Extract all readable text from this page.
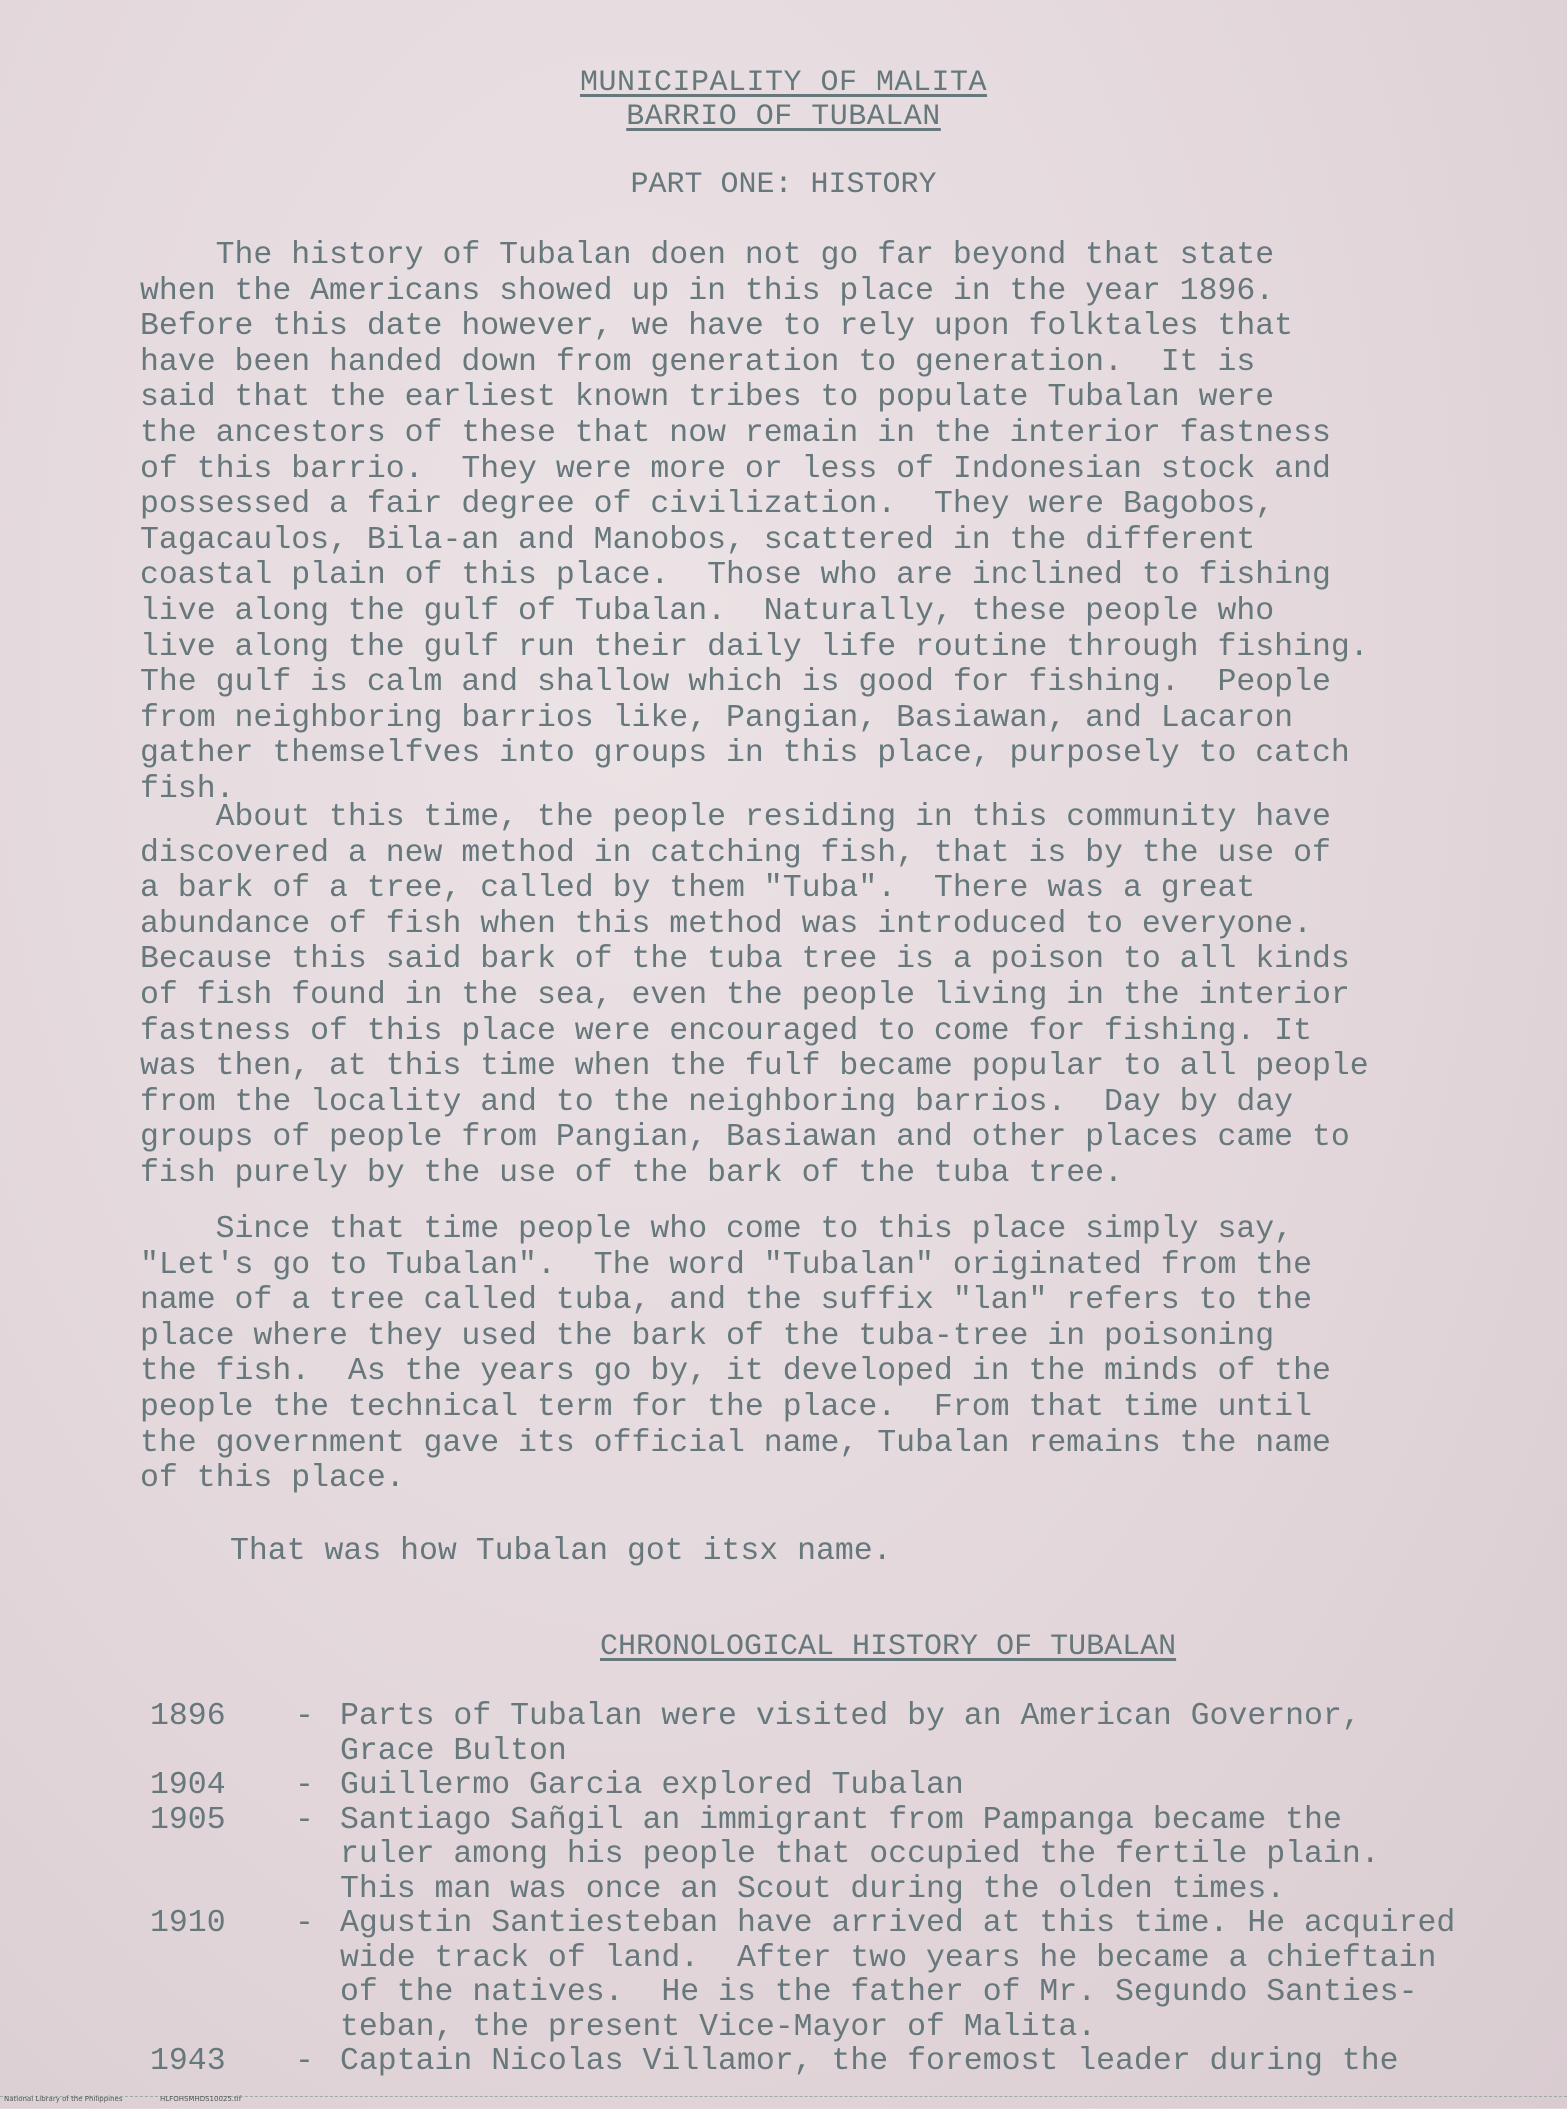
MUNICIPALITY OF MALITA
BARRIO OF TUBALAN
PART ONE: HISTORY
The history of Tubalan doen not go far beyond that state
when the Americans showed up in this place in the year 1896.
Before this date however, we have to rely upon folktales that
have been handed down from generation to generation.  It is
said that the earliest known tribes to populate Tubalan were
the ancestors of these that now remain in the interior fastness
of this barrio.  They were more or less of Indonesian stock and
possessed a fair degree of civilization.  They were Bagobos,
Tagacaulos, Bila-an and Manobos, scattered in the different
coastal plain of this place.  Those who are inclined to fishing
live along the gulf of Tubalan.  Naturally, these people who
live along the gulf run their daily life routine through fishing.
The gulf is calm and shallow which is good for fishing.  People
from neighboring barrios like, Pangian, Basiawan, and Lacaron
gather themselfves into groups in this place, purposely to catch
fish.
About this time, the people residing in this community have
discovered a new method in catching fish, that is by the use of
a bark of a tree, called by them "Tuba".  There was a great
abundance of fish when this method was introduced to everyone.
Because this said bark of the tuba tree is a poison to all kinds
of fish found in the sea, even the people living in the interior
fastness of this place were encouraged to come for fishing. It
was then, at this time when the fulf became popular to all people
from the locality and to the neighboring barrios.  Day by day
groups of people from Pangian, Basiawan and other places came to
fish purely by the use of the bark of the tuba tree.
Since that time people who come to this place simply say,
"Let's go to Tubalan".  The word "Tubalan" originated from the
name of a tree called tuba, and the suffix "lan" refers to the
place where they used the bark of the tuba-tree in poisoning
the fish.  As the years go by, it developed in the minds of the
people the technical term for the place.  From that time until
the government gave its official name, Tubalan remains the name
of this place.
That was how Tubalan got itsx name.
CHRONOLOGICAL HISTORY OF TUBALAN
1896	- Parts of Tubalan were visited by an American Governor,
Grace Bulton
1904	- Guillermo Garcia explored Tubalan
1905	- Santiago Sañgil an immigrant from Pampanga became the
ruler among his people that occupied the fertile plain.
This man was once an Scout during the olden times.
1910	- Agustin Santiesteban have arrived at this time. He acquired
wide track of land.  After two years he became a chieftain
of the natives.  He is the father of Mr. Segundo Santies-
teban, the present Vice-Mayor of Malita.
1943	- Captain Nicolas Villamor, the foremost leader during the
National Library of the Philippines	HLFOHSMHDS10025.tif
